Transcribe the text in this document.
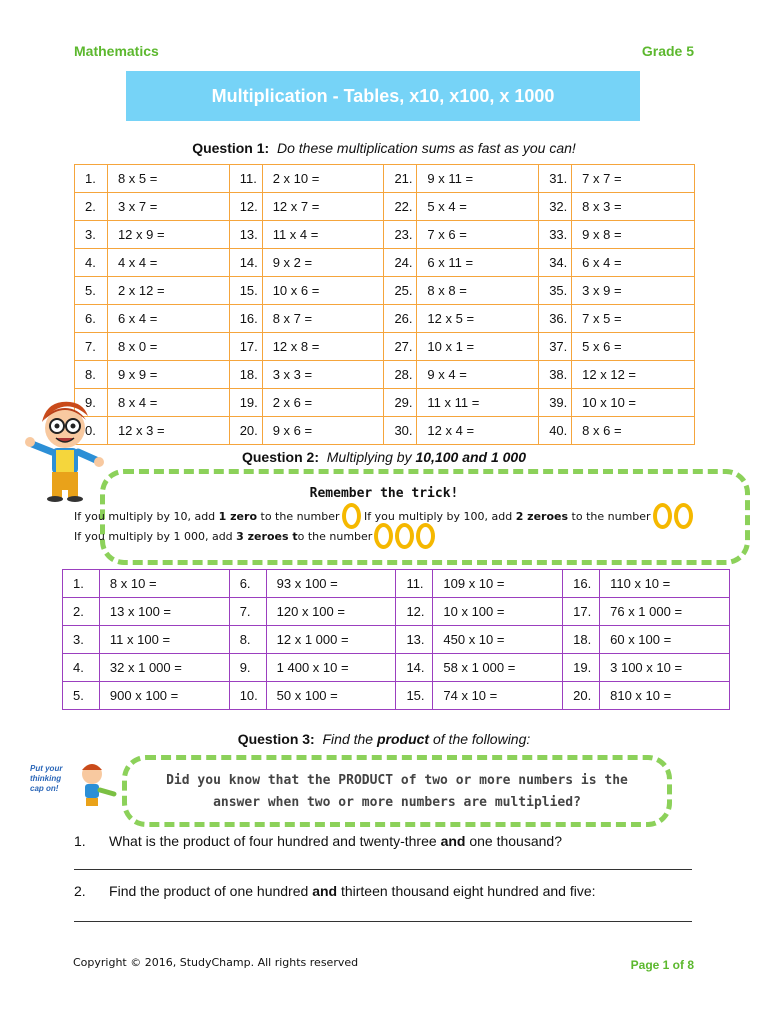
Mathematics	Grade 5
Multiplication - Tables, x10, x100, x 1000
Question 1: Do these multiplication sums as fast as you can!
1.	8 x 5 =	11.	2 x 10 =	21.	9 x 11 =	31.	7 x 7 =
2.	3 x 7 =	12.	12 x 7 =	22.	5 x 4 =	32.	8 x 3 =
3.	12 x 9 =	13.	11 x 4 =	23.	7 x 6 =	33.	9 x 8 =
4.	4 x 4 =	14.	9 x 2 =	24.	6 x 11 =	34.	6 x 4 =
5.	2 x 12 =	15.	10 x 6 =	25.	8 x 8 =	35.	3 x 9 =
6.	6 x 4 =	16.	8 x 7 =	26.	12 x 5 =	36.	7 x 5 =
7.	8 x 0 =	17.	12 x 8 =	27.	10 x 1 =	37.	5 x 6 =
8.	9 x 9 =	18.	3 x 3 =	28.	9 x 4 =	38.	12 x 12 =
9.	8 x 4 =	19.	2 x 6 =	29.	11 x 11 =	39.	10 x 10 =
0.	12 x 3 =	20.	9 x 6 =	30.	12 x 4 =	40.	8 x 6 =
Question 2: Multiplying by 10,100 and 1 000
Remember the trick!
If you multiply by 10, add
1 zero
to the number
If you multiply by 100, add
2 zeroes
to the number
If you multiply by 1 000, add
3 zeroes t o the number
1.	8 x 10 =	6.	93 x 100 =	11.	109 x 10 =	16.	110 x 10 =
2.	13 x 100 =	7.	120 x 100 =	12.	10 x 100 =	17.	76 x 1 000 =
3.	11 x 100 =	8.	12 x 1 000 =	13.	450 x 10 =	18.	60 x 100 =
4.	32 x 1 000 =	9.	1 400 x 10 =	14.	58 x 1 000 =	19.	3 100 x 10 =
5.	900 x 100 =	10.	50 x 100 =	15.	74 x 10 =	20.	810 x 10 =
Question 3: Find the product of the following:
Put your
thinking
cap on!
Did you know that the PRODUCT of two or more numbers is the
answer when two or more numbers are multiplied?
1. What is the product of four hundred and twenty-three and one thousand?
2. Find the product of one hundred and thirteen thousand eight hundred and five:
Copyright © 2016, StudyChamp. All rights reserved	Page 1 of 8
